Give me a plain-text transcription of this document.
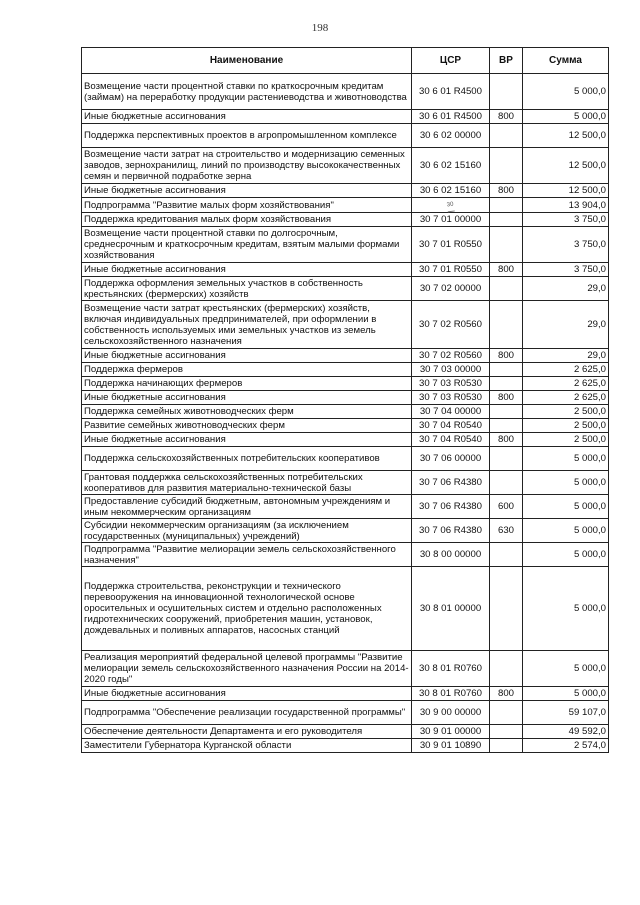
198
Наименование	ЦСР	ВР	Сумма
Возмещение части процентной ставки по краткосрочным кредитам (займам) на переработку продукции растениеводства и животноводства	30 6 01 R4500		5 000,0
Иные бюджетные ассигнования	30 6 01 R4500	800	5 000,0
Поддержка перспективных проектов в агропромышленном комплексе	30 6 02 00000		12 500,0
Возмещение части затрат на строительство и модернизацию семенных заводов, зернохранилищ, линий по производству высококачественных семян и первичной подработке зерна	30 6 02 15160		12 500,0
Иные бюджетные ассигнования	30 6 02 15160	800	12 500,0
Подпрограмма "Развитие малых форм хозяйствования"	30		13 904,0
Поддержка кредитования малых форм хозяйствования	30 7 01 00000		3 750,0
Возмещение части процентной ставки по долгосрочным, среднесрочным и краткосрочным кредитам, взятым малыми формами хозяйствования	30 7 01 R0550		3 750,0
Иные бюджетные ассигнования	30 7 01 R0550	800	3 750,0
Поддержка оформления земельных участков в собственность крестьянских (фермерских) хозяйств	30 7 02 00000		29,0
Возмещение части затрат крестьянских (фермерских) хозяйств, включая индивидуальных предпринимателей, при оформлении в собственность используемых ими земельных участков из земель сельскохозяйственного назначения	30 7 02 R0560		29,0
Иные бюджетные ассигнования	30 7 02 R0560	800	29,0
Поддержка фермеров	30 7 03 00000		2 625,0
Поддержка начинающих фермеров	30 7 03 R0530		2 625,0
Иные бюджетные ассигнования	30 7 03 R0530	800	2 625,0
Поддержка семейных животноводческих ферм	30 7 04 00000		2 500,0
Развитие семейных животноводческих ферм	30 7 04 R0540		2 500,0
Иные бюджетные ассигнования	30 7 04 R0540	800	2 500,0
Поддержка сельскохозяйственных потребительских кооперативов	30 7 06 00000		5 000,0
Грантовая поддержка сельскохозяйственных потребительских кооперативов для развития материально-технической базы	30 7 06 R4380		5 000,0
Предоставление субсидий бюджетным, автономным учреждениям и иным некоммерческим организациям	30 7 06 R4380	600	5 000,0
Субсидии некоммерческим организациям (за исключением государственных (муниципальных) учреждений)	30 7 06 R4380	630	5 000,0
Подпрограмма "Развитие мелиорации земель сельскохозяйственного назначения"	30 8 00 00000		5 000,0
Поддержка строительства, реконструкции и технического перевооружения на инновационной технологической основе оросительных и осушительных систем и отдельно расположенных гидротехнических сооружений, приобретения машин, установок, дождевальных и поливных аппаратов, насосных станций	30 8 01 00000		5 000,0
Реализация мероприятий федеральной целевой программы "Развитие мелиорации земель сельскохозяйственного назначения России на 2014-2020 годы"	30 8 01 R0760		5 000,0
Иные бюджетные ассигнования	30 8 01 R0760	800	5 000,0
Подпрограмма "Обеспечение реализации государственной программы"	30 9 00 00000		59 107,0
Обеспечение деятельности Департамента и его руководителя	30 9 01 00000		49 592,0
Заместители Губернатора Курганской области	30 9 01 10890		2 574,0
